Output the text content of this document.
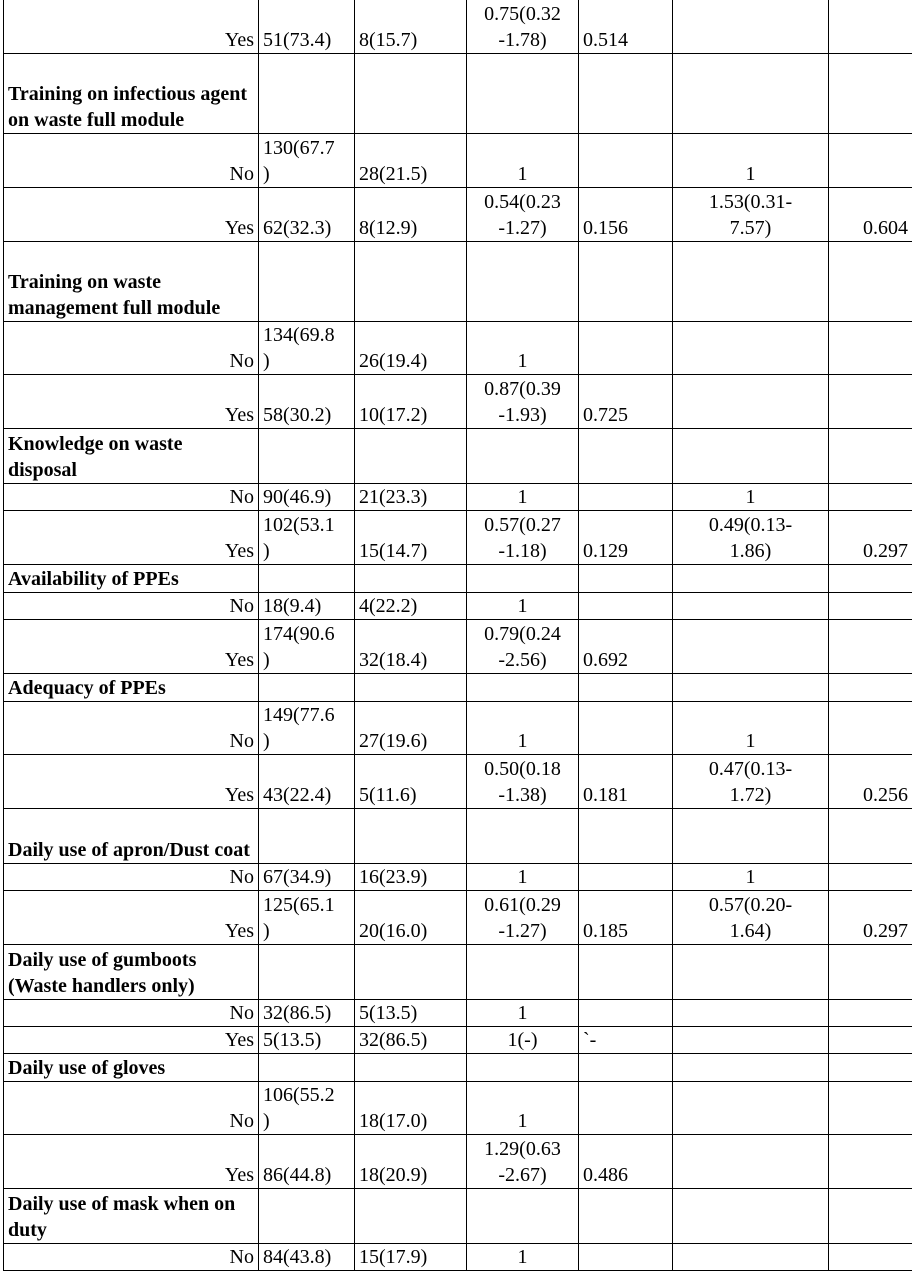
Yes	51(73.4)	8(15.7)	0.75(0.32
-1.78)	0.514		
Training on infectious agent on waste full module						
No	130(67.7
)	28(21.5)	1		1	
Yes	62(32.3)	8(12.9)	0.54(0.23
-1.27)	0.156	1.53(0.31-
7.57)	0.604
Training on waste management full module						
No	134(69.8
)	26(19.4)	1			
Yes	58(30.2)	10(17.2)	0.87(0.39
-1.93)	0.725		
Knowledge on waste disposal						
No	90(46.9)	21(23.3)	1		1	
Yes	102(53.1
)	15(14.7)	0.57(0.27
-1.18)	0.129	0.49(0.13-
1.86)	0.297
Availability of PPEs						
No	18(9.4)	4(22.2)	1			
Yes	174(90.6
)	32(18.4)	0.79(0.24
-2.56)	0.692		
Adequacy of PPEs						
No	149(77.6
)	27(19.6)	1		1	
Yes	43(22.4)	5(11.6)	0.50(0.18
-1.38)	0.181	0.47(0.13-
1.72)	0.256
Daily use of apron/Dust coat						
No	67(34.9)	16(23.9)	1		1	
Yes	125(65.1
)	20(16.0)	0.61(0.29
-1.27)	0.185	0.57(0.20-
1.64)	0.297
Daily use of gumboots (Waste handlers only)						
No	32(86.5)	5(13.5)	1			
Yes	5(13.5)	32(86.5)	1(-)	`-		
Daily use of gloves						
No	106(55.2
)	18(17.0)	1			
Yes	86(44.8)	18(20.9)	1.29(0.63
-2.67)	0.486		
Daily use of mask when on duty						
No	84(43.8)	15(17.9)	1			
